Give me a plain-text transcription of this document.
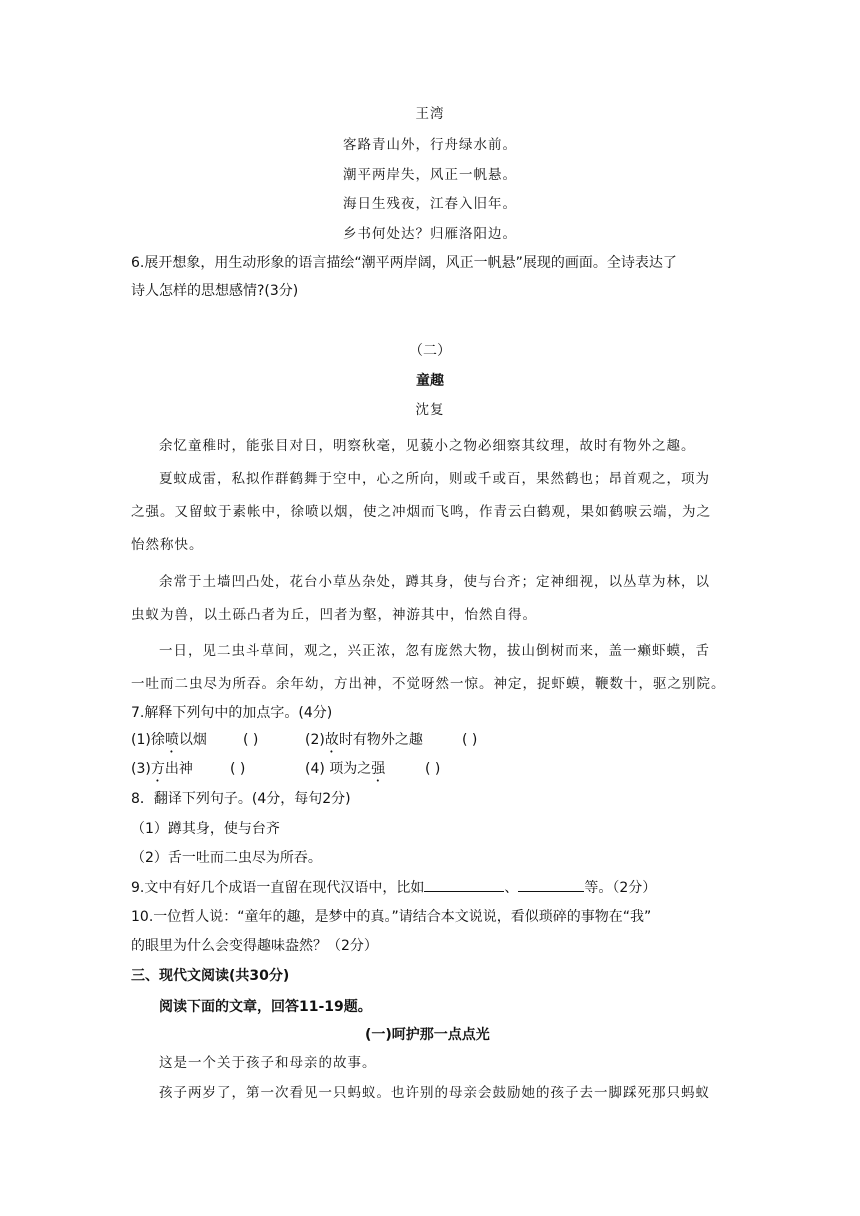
王湾
客路青山外，行舟绿水前。
潮平两岸失，风正一帆悬。
海日生残夜，江春入旧年。
乡书何处达？归雁洛阳边。
6.展开想象，用生动形象的语言描绘“潮平两岸阔，风正一帆悬”展现的画面。全诗表达了
诗人怎样的思想感情?(3分)
（二）
童趣
沈复
余忆童稚时，能张目对日，明察秋毫，见藐小之物必细察其纹理，故时有物外之趣。
夏蚊成雷，私拟作群鹤舞于空中，心之所向，则或千或百，果然鹤也；昂首观之，项为
之强。又留蚊于素帐中，徐喷以烟，使之冲烟而飞鸣，作青云白鹤观，果如鹤唳云端，为之
怡然称快。
余常于土墙凹凸处，花台小草丛杂处，蹲其身，使与台齐；定神细视，以丛草为林，以
虫蚁为兽，以土砾凸者为丘，凹者为壑，神游其中，怡然自得。
一日，见二虫斗草间，观之，兴正浓，忽有庞然大物，拔山倒树而来，盖一癞虾蟆，舌
一吐而二虫尽为所吞。余年幼，方出神，不觉呀然一惊。神定，捉虾蟆，鞭数十，驱之别院。
7.解释下列句中的加点字。(4分)
(1)徐喷以烟	( )	(2)故时有物外之趣	( )
(3)方出神	( )	(4) 项为之强	( )
8．翻译下列句子。(4分，每句2分)
（1）蹲其身，使与台齐
（2）舌一吐而二虫尽为所吞。
9.文中有好几个成语一直留在现代汉语中，比如	、	等。（2分）
10.一位哲人说：“童年的趣，是梦中的真。”请结合本文说说，看似琐碎的事物在“我”
的眼里为什么会变得趣味盎然？（2分）
三、现代文阅读(共30分)
阅读下面的文章，回答11-19题。
(一)呵护那一点点光
这是一个关于孩子和母亲的故事。
孩子两岁了，第一次看见一只蚂蚁。也许别的母亲会鼓励她的孩子去一脚踩死那只蚂蚁
